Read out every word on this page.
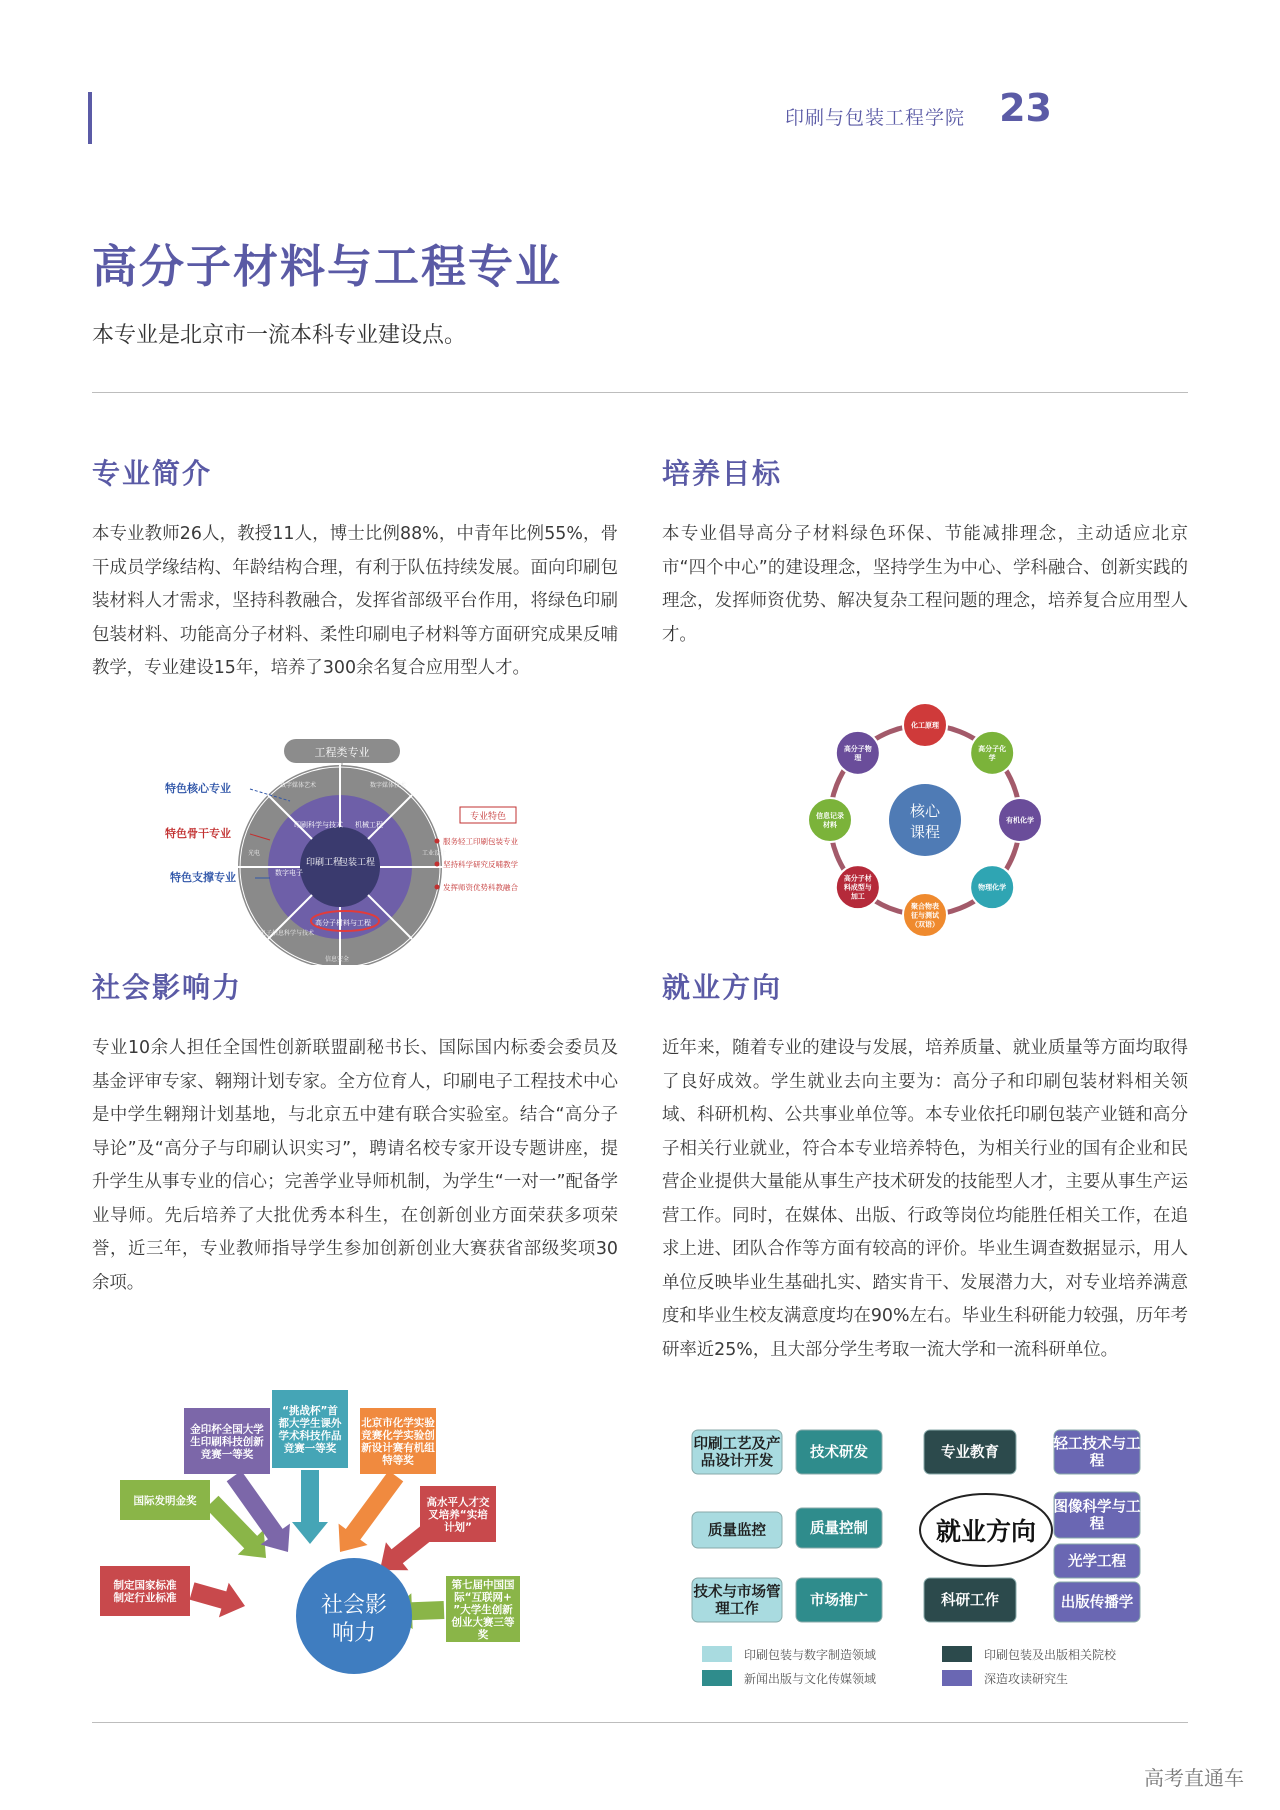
印刷与包装工程学院 23
高分子材料与工程专业
本专业是北京市一流本科专业建设点。
专业简介

本专业教师26人，教授11人，博士比例88%，中青年比例55%，骨干成员学缘结构、年龄结构合理，有利于队伍持续发展。面向印刷包装材料人才需求，坚持科教融合，发挥省部级平台作用，将绿色印刷包装材料、功能高分子材料、柔性印刷电子材料等方面研究成果反哺教学，专业建设15年，培养了300余名复合应用型人才。

培养目标

本专业倡导高分子材料绿色环保、节能减排理念，主动适应北京市“四个中心”的建设理念，坚持学生为中心、学科融合、创新实践的理念，发挥师资优势、解决复杂工程问题的理念，培养复合应用型人才。

工程类专业
印刷工程
包装工程
印刷科学与技术 机械工程
高分子材料与工程
数字电子
数字媒体艺术	数字媒体技术
工业设计
信息安全
电子信息科学与技术
光电
特色核心专业
特色骨干专业
特色支撑专业
专业特色
服务轻工印刷包装专业
坚持科学研究反哺教学
发挥师资优势科教融合
核心
课程
化工原理
高分子化学
有机化学
物理化学
聚合物表征与测试（双语）
高分子材料成型与加工
信息记录材料
高分子物理
社会影响力

专业10余人担任全国性创新联盟副秘书长、国际国内标委会委员及基金评审专家、翱翔计划专家。全方位育人，印刷电子工程技术中心是中学生翱翔计划基地，与北京五中建有联合实验室。结合“高分子导论”及“高分子与印刷认识实习”，聘请名校专家开设专题讲座，提升学生从事专业的信心；完善学业导师机制，为学生“一对一”配备学业导师。先后培养了大批优秀本科生，在创新创业方面荣获多项荣誉，近三年，专业教师指导学生参加创新创业大赛获省部级奖项30余项。

就业方向

近年来，随着专业的建设与发展，培养质量、就业质量等方面均取得了良好成效。学生就业去向主要为：高分子和印刷包装材料相关领域、科研机构、公共事业单位等。本专业依托印刷包装产业链和高分子相关行业就业，符合本专业培养特色，为相关行业的国有企业和民营企业提供大量能从事生产技术研发的技能型人才，主要从事生产运营工作。同时，在媒体、出版、行政等岗位均能胜任相关工作，在追求上进、团队合作等方面有较高的评价。毕业生调查数据显示，用人单位反映毕业生基础扎实、踏实肯干、发展潜力大，对专业培养满意度和毕业生校友满意度均在90%左右。毕业生科研能力较强，历年考研率近25%，且大部分学生考取一流大学和一流科研单位。

社会影
响力
制定国家标准制定行业标准
国际发明金奖
金印杯全国大学生印刷科技创新竞赛一等奖
“挑战杯”首都大学生课外学术科技作品竞赛一等奖
北京市化学实验竞赛化学实验创新设计赛有机组特等奖
高水平人才交叉培养“实培计划”
第七届中国国际“互联网+ ”大学生创新创业大赛三等奖
印刷工艺及产品设计开发
技术研发	专业教育
轻工技术与工程
质量监控	质量控制
图像科学与工程
光学工程
技术与市场管理工作
市场推广	科研工作	出版传播学
就业方向
印刷包装与数字制造领域	印刷包装及出版相关院校
新闻出版与文化传媒领域	深造攻读研究生
高考直通车
